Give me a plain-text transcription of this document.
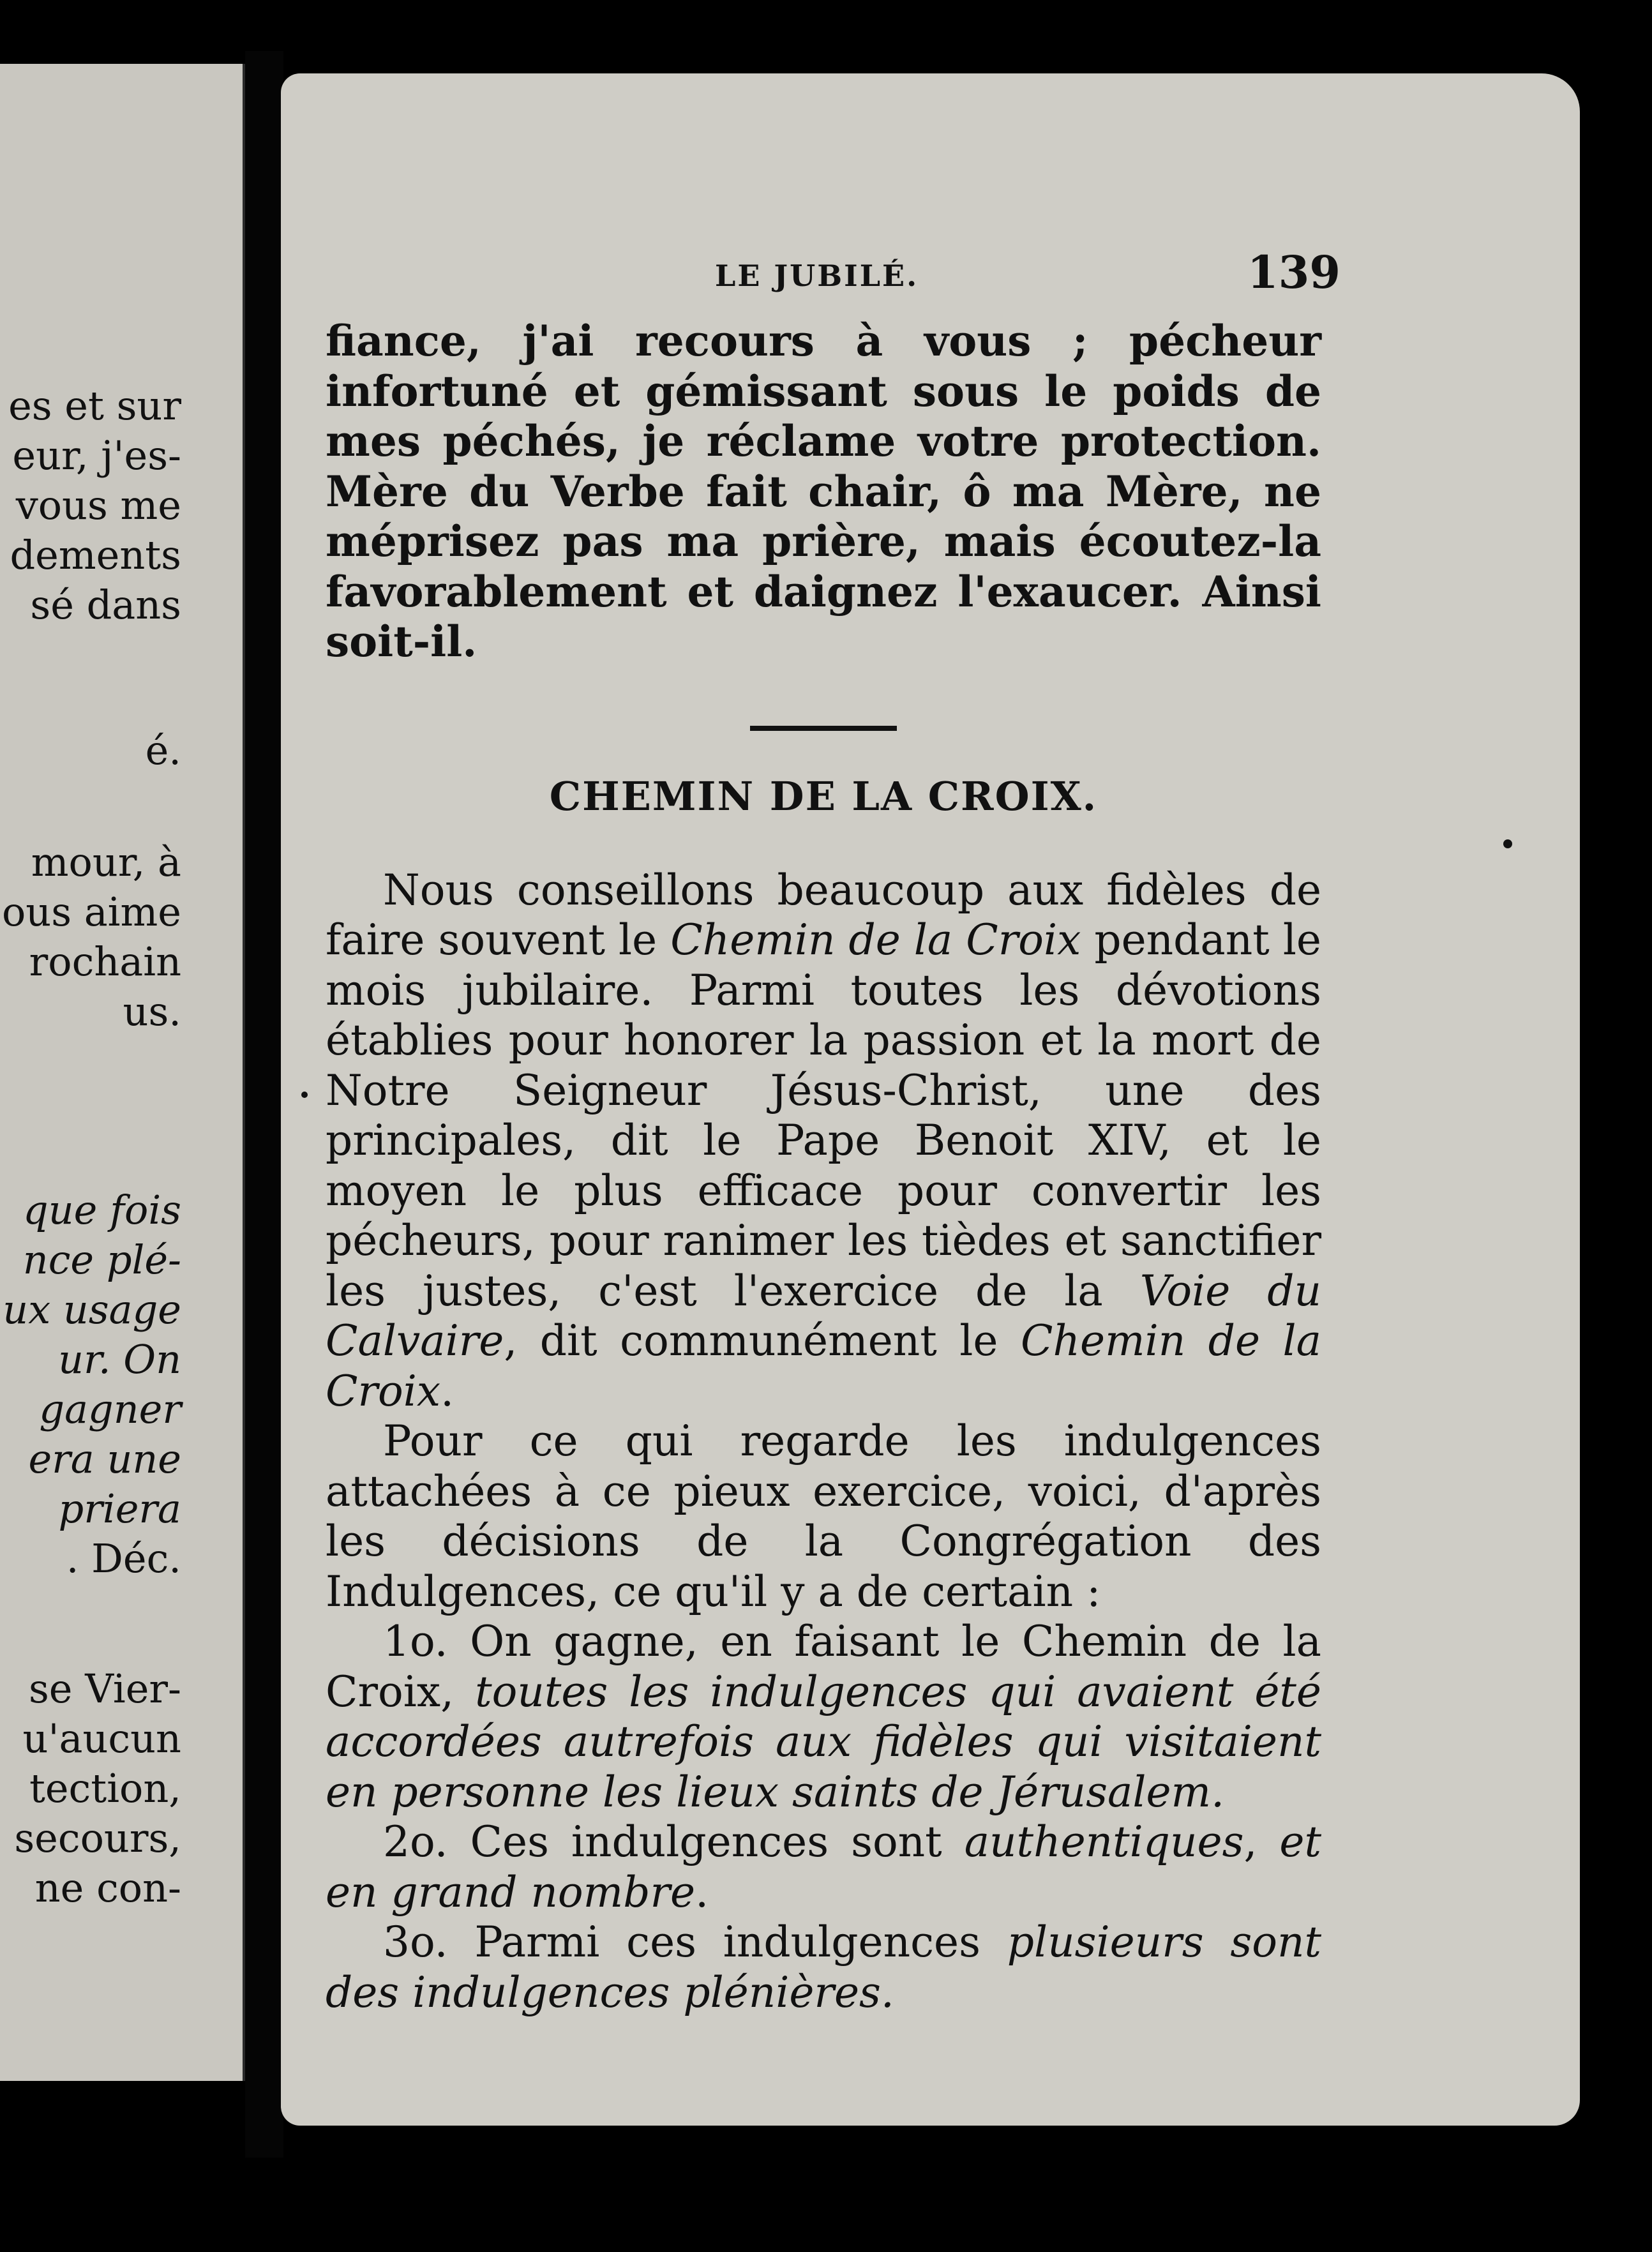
es et sur
eur, j'es-
vous me
dements
sé dans
é.
mour, à
ous aime
rochain
us.
que fois
nce plé-
ux usage
ur. On
gagner
era une
priera
. Déc.
se Vier-
u'aucun
tection,
secours,
ne con-
LE JUBILÉ.	139

fiance, j'ai recours à vous ; pécheur infortuné et gémissant sous le poids de mes péchés, je réclame votre protection. Mère du Verbe fait chair, ô ma Mère, ne méprisez pas ma prière, mais écoutez-la favorablement et daignez l'exaucer. Ainsi soit-il.

CHEMIN DE LA CROIX.

Nous conseillons beaucoup aux fidèles de faire souvent le Chemin de la Croix pendant le mois jubilaire. Parmi toutes les dévotions établies pour honorer la passion et la mort de Notre Seigneur Jésus-Christ, une des principales, dit le Pape Benoit XIV, et le moyen le plus efficace pour convertir les pécheurs, pour ranimer les tièdes et sanctifier les justes, c'est l'exercice de la Voie du Calvaire, dit communément le Chemin de la Croix.

Pour ce qui regarde les indulgences attachées à ce pieux exercice, voici, d'après les décisions de la Congrégation des Indulgences, ce qu'il y a de certain :

1o. On gagne, en faisant le Chemin de la Croix, toutes les indulgences qui avaient été accordées autrefois aux fidèles qui visitaient en personne les lieux saints de Jérusalem.

2o. Ces indulgences sont authentiques, et en grand nombre.

3o. Parmi ces indulgences plusieurs sont des indulgences plénières.
